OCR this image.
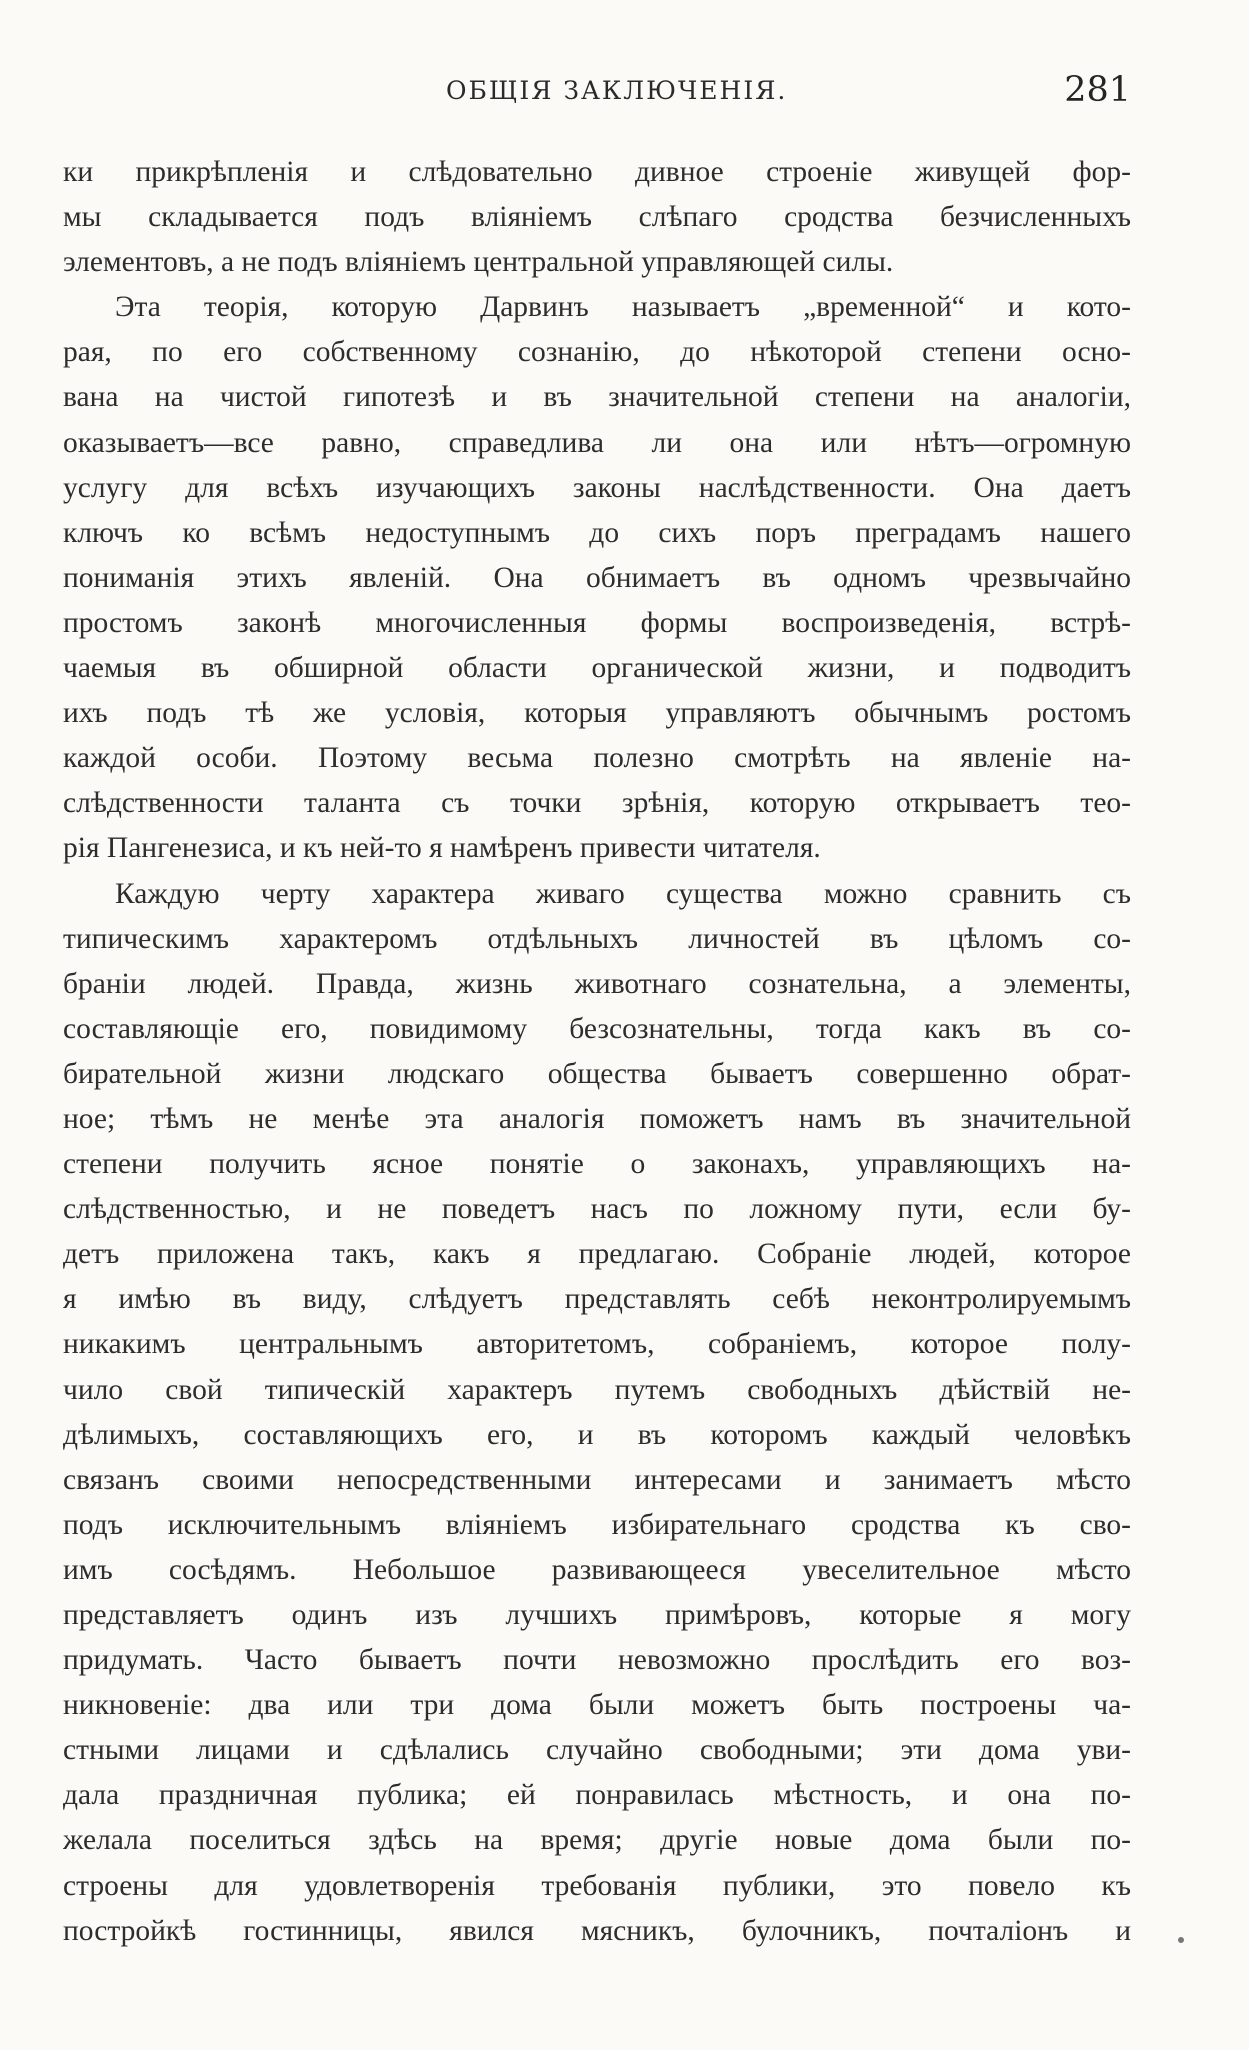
ОБЩІЯ ЗАКЛЮЧЕНІЯ.	281
ки прикрѣпленія и слѣдовательно дивное строеніе живущей фор-
мы складывается подъ вліяніемъ слѣпаго сродства безчисленныхъ
элементовъ, а не подъ вліяніемъ центральной управляющей силы.
Эта теорія, которую Дарвинъ называетъ „временной“ и кото-
рая, по его собственному сознанію, до нѣкоторой степени осно-
вана на чистой гипотезѣ и въ значительной степени на аналогіи,
оказываетъ—все равно, справедлива ли она или нѣтъ—огромную
услугу для всѣхъ изучающихъ законы наслѣдственности. Она даетъ
ключъ ко всѣмъ недоступнымъ до сихъ поръ преградамъ нашего
пониманія этихъ явленій. Она обнимаетъ въ одномъ чрезвычайно
простомъ законѣ многочисленныя формы воспроизведенія, встрѣ-
чаемыя въ обширной области органической жизни, и подводитъ
ихъ подъ тѣ же условія, которыя управляютъ обычнымъ ростомъ
каждой особи. Поэтому весьма полезно смотрѣть на явленіе на-
слѣдственности таланта съ точки зрѣнія, которую открываетъ тео-
рія Пангенезиса, и къ ней-то я намѣренъ привести читателя.
Каждую черту характера живаго существа можно сравнить съ
типическимъ характеромъ отдѣльныхъ личностей въ цѣломъ со-
браніи людей. Правда, жизнь животнаго сознательна, а элементы,
составляющіе его, повидимому безсознательны, тогда какъ въ со-
бирательной жизни людскаго общества бываетъ совершенно обрат-
ное; тѣмъ не менѣе эта аналогія поможетъ намъ въ значительной
степени получить ясное понятіе о законахъ, управляющихъ на-
слѣдственностью, и не поведетъ насъ по ложному пути, если бу-
детъ приложена такъ, какъ я предлагаю. Собраніе людей, которое
я имѣю въ виду, слѣдуетъ представлять себѣ неконтролируемымъ
никакимъ центральнымъ авторитетомъ, собраніемъ, которое полу-
чило свой типическій характеръ путемъ свободныхъ дѣйствій не-
дѣлимыхъ, составляющихъ его, и въ которомъ каждый человѣкъ
связанъ своими непосредственными интересами и занимаетъ мѣсто
подъ исключительнымъ вліяніемъ избирательнаго сродства къ сво-
имъ сосѣдямъ. Небольшое развивающееся увеселительное мѣсто
представляетъ одинъ изъ лучшихъ примѣровъ, которые я могу
придумать. Часто бываетъ почти невозможно прослѣдить его воз-
никновеніе: два или три дома были можетъ быть построены ча-
стными лицами и сдѣлались случайно свободными; эти дома уви-
дала праздничная публика; ей понравилась мѣстность, и она по-
желала поселиться здѣсь на время; другіе новые дома были по-
строены для удовлетворенія требованія публики, это повело къ
постройкѣ гостинницы, явился мясникъ, булочникъ, почталіонъ и
